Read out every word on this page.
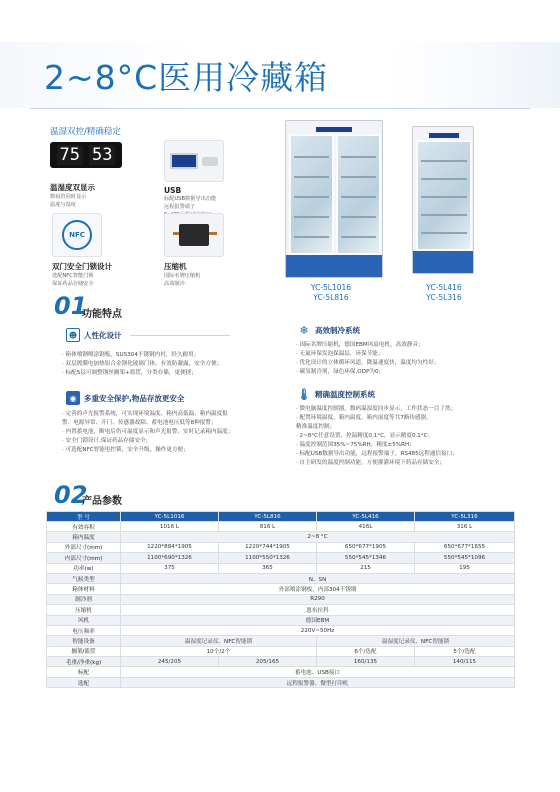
2~8°C医用冷藏箱
温湿双控/精确稳定
75 53
温湿度双显示
数码管同时显示
温度与湿度
USB
标配USB数据导出功能
远程报警端子
NFC
双门安全门锁设计
选配NFC智能门锁
保证药品存储安全
压缩机
国际名牌压缩机
高效制冷	YC-5L1016
YC-5L816
YC-5L416
YC-5L316
01
功能特点
☻ 人性化设计
· 箱体喷钢喷涂钢板，SUS304不锈钢内衬，经久耐用；
· 双层镀膜电加热铝合金钢化玻璃门体，有效防凝露，安全方便；
· 标配5层可调整钢丝搁架+篮筐，分类存储，更便捷；
◉	多重安全保护,物品存放更安全
· 完善的声光报警系统，可实现环境温度、箱内高低温，箱内温度报
警、电源异常、开门、传感器故障、蓄电池电压低等8种报警；
· 内置蓄电池，断电后仍可温度显示和声光报警，实时记录箱内温度；
· 安全门锁设计,保证药品存储安全；
· 可选配NFC智能电控锁，安全升级，操作更方便；
❄ 高效制冷系统
· 国际名牌压缩机，德国EBM风扇电机，高效静音；
· 无氟环保发泡保温层，环保节能；
· 优化设计的立体循环风道，降温速度快，温度均匀性好；
· 碳氢制冷剂，绿色环保,ODP为0；
🌡 精确温度控制系统
· 微电脑温度控制器，数码温湿度同步显示，工作状态一目了然；
· 配置环境温度、箱内温度、箱内湿度等共7路传感器，
精准温度控制；
· 2~8°C任意设置，控温精度0.1°C，显示精度0.1°C；
· 温度控制范围35%~75%RH，精度±5%RH；
· 标配USB数据导出功能，远程报警端子，RS485远程通信接口；
· 自主研发的温度控制功能，方便灌灌环境下药品存储安全；
02
产品参数
型 号	YC-5L1016	YC-5L816	YC-5L416	YC-5L316
有效容积	1016 L	816 L	416L	316 L
箱内温度	2~8 °C			
外部尺寸(mm)	1220*884*1905	1220*744*1905	650*677*1905	650*677*1655
内部尺寸(mm)	1100*690*1326	1100*550*1326	550*545*1346	550*545*1096
功率(w)	375	365	215	195
气候类型	N、SN			
箱体材料	外部喷涂钢板，内部304不锈钢			
制冷剂	R290			
压缩机	恩布拉科			
风机	德国EBM			
电压频率	220V~50Hz			
智能设备	温湿度记录仪、NFC智能锁		温湿度记录仪、NFC智能锁	
搁架/篮筐	10个/2个		6个/选配	5个/选配
毛重/净重(kg)	245/205	205/165	160/135	140/115
标配	蓄电池、USB接口			
选配	远程报警器、微型打印机			
